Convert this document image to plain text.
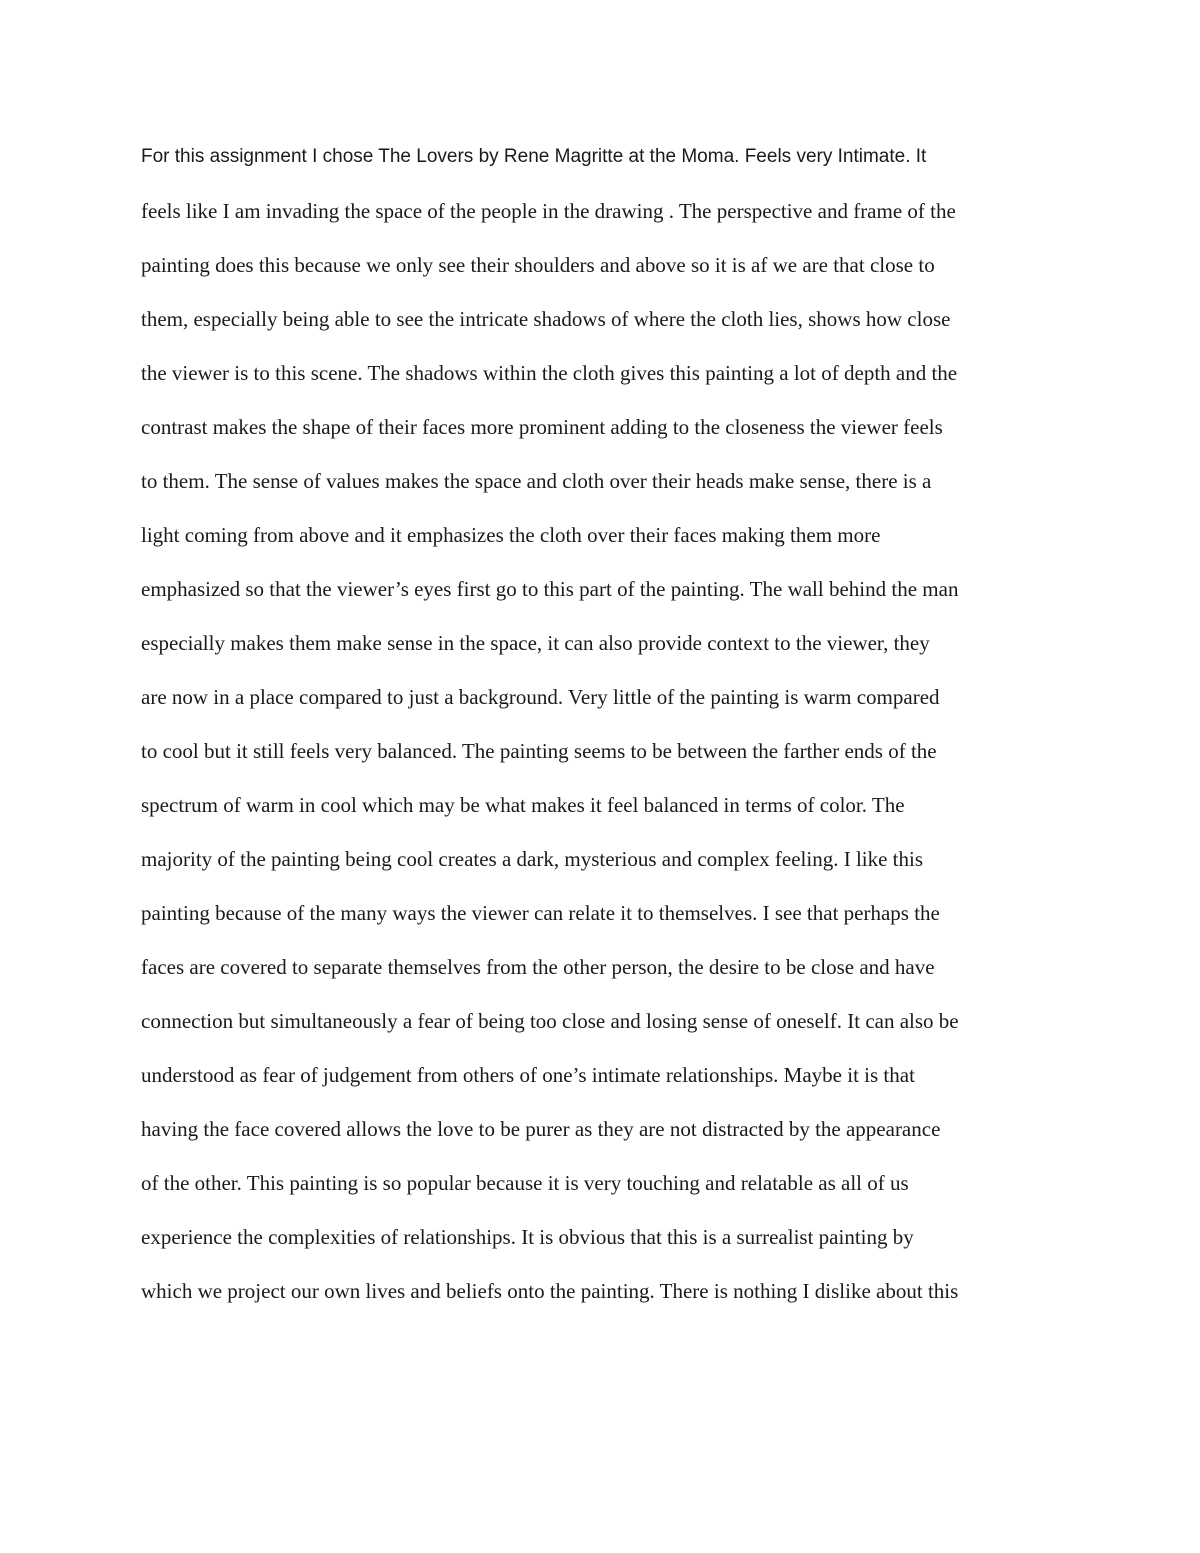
For this assignment I chose The Lovers by Rene Magritte at the Moma. Feels very Intimate. It
feels like I am invading the space of the people in the drawing . The perspective and frame of the
painting does this because we only see their shoulders and above so it is af we are that close to
them, especially being able to see the intricate shadows of where the cloth lies, shows how close
the viewer is to this scene. The shadows within the cloth gives this painting a lot of depth and the
contrast makes the shape of their faces more prominent adding to the closeness the viewer feels
to them. The sense of values makes the space and cloth over their heads make sense, there is a
light coming from above and it emphasizes the cloth over their faces making them more
emphasized so that the viewer’s eyes first go to this part of the painting. The wall behind the man
especially makes them make sense in the space, it can also provide context to the viewer, they
are now in a place compared to just a background. Very little of the painting is warm compared
to cool but it still feels very balanced. The painting seems to be between the farther ends of the
spectrum of warm in cool which may be what makes it feel balanced in terms of color. The
majority of the painting being cool creates a dark, mysterious and complex feeling. I like this
painting because of the many ways the viewer can relate it to themselves. I see that perhaps the
faces are covered to separate themselves from the other person, the desire to be close and have
connection but simultaneously a fear of being too close and losing sense of oneself. It can also be
understood as fear of judgement from others of one’s intimate relationships. Maybe it is that
having the face covered allows the love to be purer as they are not distracted by the appearance
of the other. This painting is so popular because it is very touching and relatable as all of us
experience the complexities of relationships. It is obvious that this is a surrealist painting by
which we project our own lives and beliefs onto the painting. There is nothing I dislike about this
